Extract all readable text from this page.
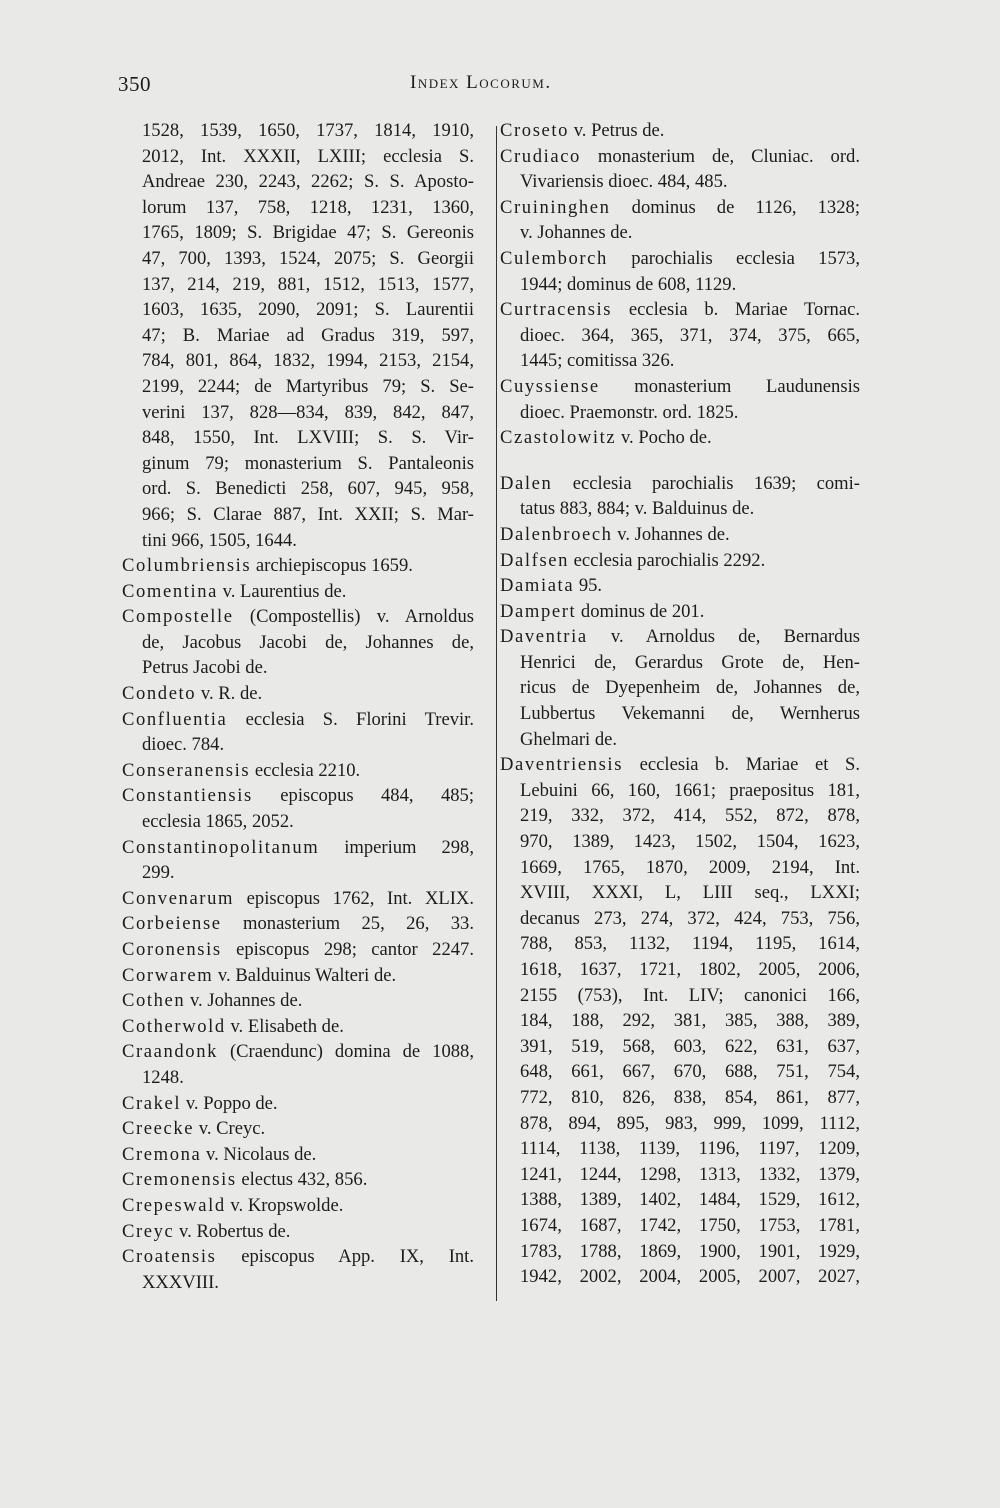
350	Index Locorum.
1528, 1539, 1650, 1737, 1814, 1910,
2012, Int. XXXII, LXIII; ecclesia S.
Andreae 230, 2243, 2262; S. S. Aposto-
lorum 137, 758, 1218, 1231, 1360,
1765, 1809; S. Brigidae 47; S. Gereonis
47, 700, 1393, 1524, 2075; S. Georgii
137, 214, 219, 881, 1512, 1513, 1577,
1603, 1635, 2090, 2091; S. Laurentii
47; B. Mariae ad Gradus 319, 597,
784, 801, 864, 1832, 1994, 2153, 2154,
2199, 2244; de Martyribus 79; S. Se-
verini 137, 828—834, 839, 842, 847,
848, 1550, Int. LXVIII; S. S. Vir-
ginum 79; monasterium S. Pantaleonis
ord. S. Benedicti 258, 607, 945, 958,
966; S. Clarae 887, Int. XXII; S. Mar-
tini 966, 1505, 1644.
Columbriensis archiepiscopus 1659.
Comentina v. Laurentius de.
Compostelle (Compostellis) v. Arnoldus
de, Jacobus Jacobi de, Johannes de,
Petrus Jacobi de.
Condeto v. R. de.
Confluentia ecclesia S. Florini Trevir.
dioec. 784.
Conseranensis ecclesia 2210.
Constantiensis episcopus 484, 485;
ecclesia 1865, 2052.
Constantinopolitanum imperium 298,
299.
Convenarum episcopus 1762, Int. XLIX.
Corbeiense monasterium 25, 26, 33.
Coronensis episcopus 298; cantor 2247.
Corwarem v. Balduinus Walteri de.
Cothen v. Johannes de.
Cotherwold v. Elisabeth de.
Craandonk (Craendunc) domina de 1088,
1248.
Crakel v. Poppo de.
Creecke v. Creyc.
Cremona v. Nicolaus de.
Cremonensis electus 432, 856.
Crepeswald v. Kropswolde.
Creyc v. Robertus de.
Croatensis episcopus App. IX, Int.
XXXVIII.
Croseto v. Petrus de.
Crudiaco monasterium de, Cluniac. ord.
Vivariensis dioec. 484, 485.
Cruininghen dominus de 1126, 1328;
v. Johannes de.
Culemborch parochialis ecclesia 1573,
1944; dominus de 608, 1129.
Curtracensis ecclesia b. Mariae Tornac.
dioec. 364, 365, 371, 374, 375, 665,
1445; comitissa 326.
Cuyssiense monasterium Laudunensis
dioec. Praemonstr. ord. 1825.
Czastolowitz v. Pocho de.
Dalen ecclesia parochialis 1639; comi-
tatus 883, 884; v. Balduinus de.
Dalenbroech v. Johannes de.
Dalfsen ecclesia parochialis 2292.
Damiata 95.
Dampert dominus de 201.
Daventria v. Arnoldus de, Bernardus
Henrici de, Gerardus Grote de, Hen-
ricus de Dyepenheim de, Johannes de,
Lubbertus Vekemanni de, Wernherus
Ghelmari de.
Daventriensis ecclesia b. Mariae et S.
Lebuini 66, 160, 1661; praepositus 181,
219, 332, 372, 414, 552, 872, 878,
970, 1389, 1423, 1502, 1504, 1623,
1669, 1765, 1870, 2009, 2194, Int.
XVIII, XXXI, L, LIII seq., LXXI;
decanus 273, 274, 372, 424, 753, 756,
788, 853, 1132, 1194, 1195, 1614,
1618, 1637, 1721, 1802, 2005, 2006,
2155 (753), Int. LIV; canonici 166,
184, 188, 292, 381, 385, 388, 389,
391, 519, 568, 603, 622, 631, 637,
648, 661, 667, 670, 688, 751, 754,
772, 810, 826, 838, 854, 861, 877,
878, 894, 895, 983, 999, 1099, 1112,
1114, 1138, 1139, 1196, 1197, 1209,
1241, 1244, 1298, 1313, 1332, 1379,
1388, 1389, 1402, 1484, 1529, 1612,
1674, 1687, 1742, 1750, 1753, 1781,
1783, 1788, 1869, 1900, 1901, 1929,
1942, 2002, 2004, 2005, 2007, 2027,
